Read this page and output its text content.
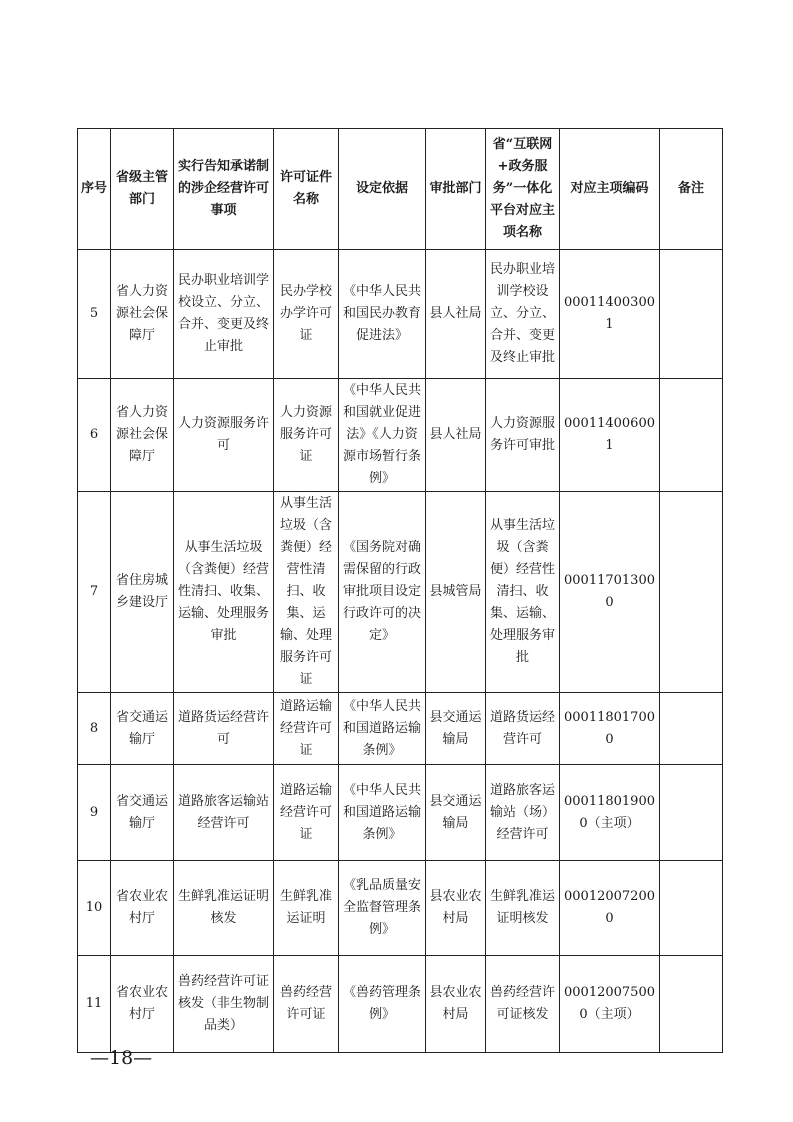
序号	省级主管部门	实行告知承诺制的涉企经营许可事项	许可证件名称	设定依据	审批部门	省“互联网+政务服务”一体化平台对应主项名称	对应主项编码	备注
5	省人力资源社会保障厅	民办职业培训学校设立、分立、合并、变更及终止审批	民办学校办学许可证	《中华人民共和国民办教育促进法》	县人社局	民办职业培训学校设立、分立、合并、变更及终止审批	000114003001	
6	省人力资源社会保障厅	人力资源服务许可	人力资源服务许可证	《中华人民共和国就业促进法》《人力资源市场暂行条例》	县人社局	人力资源服务许可审批	000114006001	
7	省住房城乡建设厅	从事生活垃圾（含粪便）经营性清扫、收集、运输、处理服务审批	从事生活垃圾（含粪便）经营性清扫、收集、运输、处理服务许可证	《国务院对确需保留的行政审批项目设定行政许可的决定》	县城管局	从事生活垃圾（含粪便）经营性清扫、收集、运输、处理服务审批	000117013000	
8	省交通运输厅	道路货运经营许可	道路运输经营许可证	《中华人民共和国道路运输条例》	县交通运输局	道路货运经营许可	000118017000	
9	省交通运输厅	道路旅客运输站经营许可	道路运输经营许可证	《中华人民共和国道路运输条例》	县交通运输局	道路旅客运输站（场）经营许可	000118019000（主项）	
10	省农业农村厅	生鲜乳准运证明核发	生鲜乳准运证明	《乳品质量安全监督管理条例》	县农业农村局	生鲜乳准运证明核发	000120072000	
11	省农业农村厅	兽药经营许可证核发（非生物制品类）	兽药经营许可证	《兽药管理条例》	县农业农村局	兽药经营许可证核发	000120075000（主项）	
—18—
